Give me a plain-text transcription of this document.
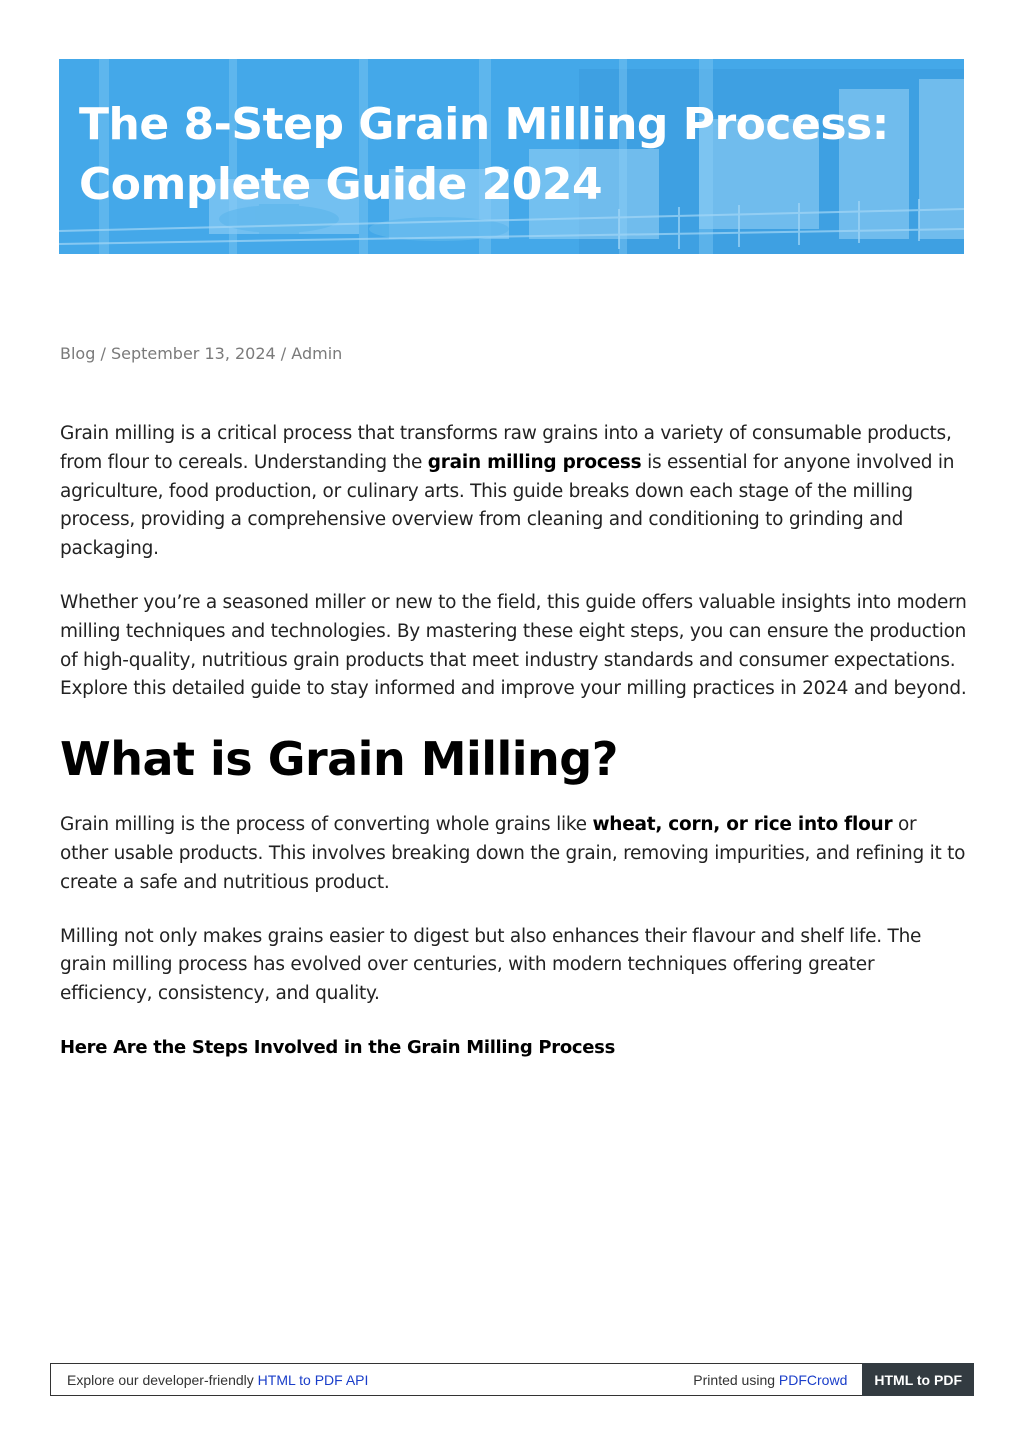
The 8-Step Grain Milling Process:
Complete Guide 2024
Blog / September 13, 2024 / Admin

Grain milling is a critical process that transforms raw grains into a variety of consumable products, from flour to cereals. Understanding the grain milling process is essential for anyone involved in agriculture, food production, or culinary arts. This guide breaks down each stage of the milling process, providing a comprehensive overview from cleaning and conditioning to grinding and packaging.

Whether you’re a seasoned miller or new to the field, this guide offers valuable insights into modern milling techniques and technologies. By mastering these eight steps, you can ensure the production of high-quality, nutritious grain products that meet industry standards and consumer expectations. Explore this detailed guide to stay informed and improve your milling practices in 2024 and beyond.

What is Grain Milling?

Grain milling is the process of converting whole grains like wheat, corn, or rice into flour or other usable products. This involves breaking down the grain, removing impurities, and refining it to create a safe and nutritious product.

Milling not only makes grains easier to digest but also enhances their flavour and shelf life. The grain milling process has evolved over centuries, with modern techniques offering greater efficiency, consistency, and quality.

Here Are the Steps Involved in the Grain Milling Process
Explore our developer-friendly HTML to PDF API	Printed using PDFCrowd	HTML to PDF
